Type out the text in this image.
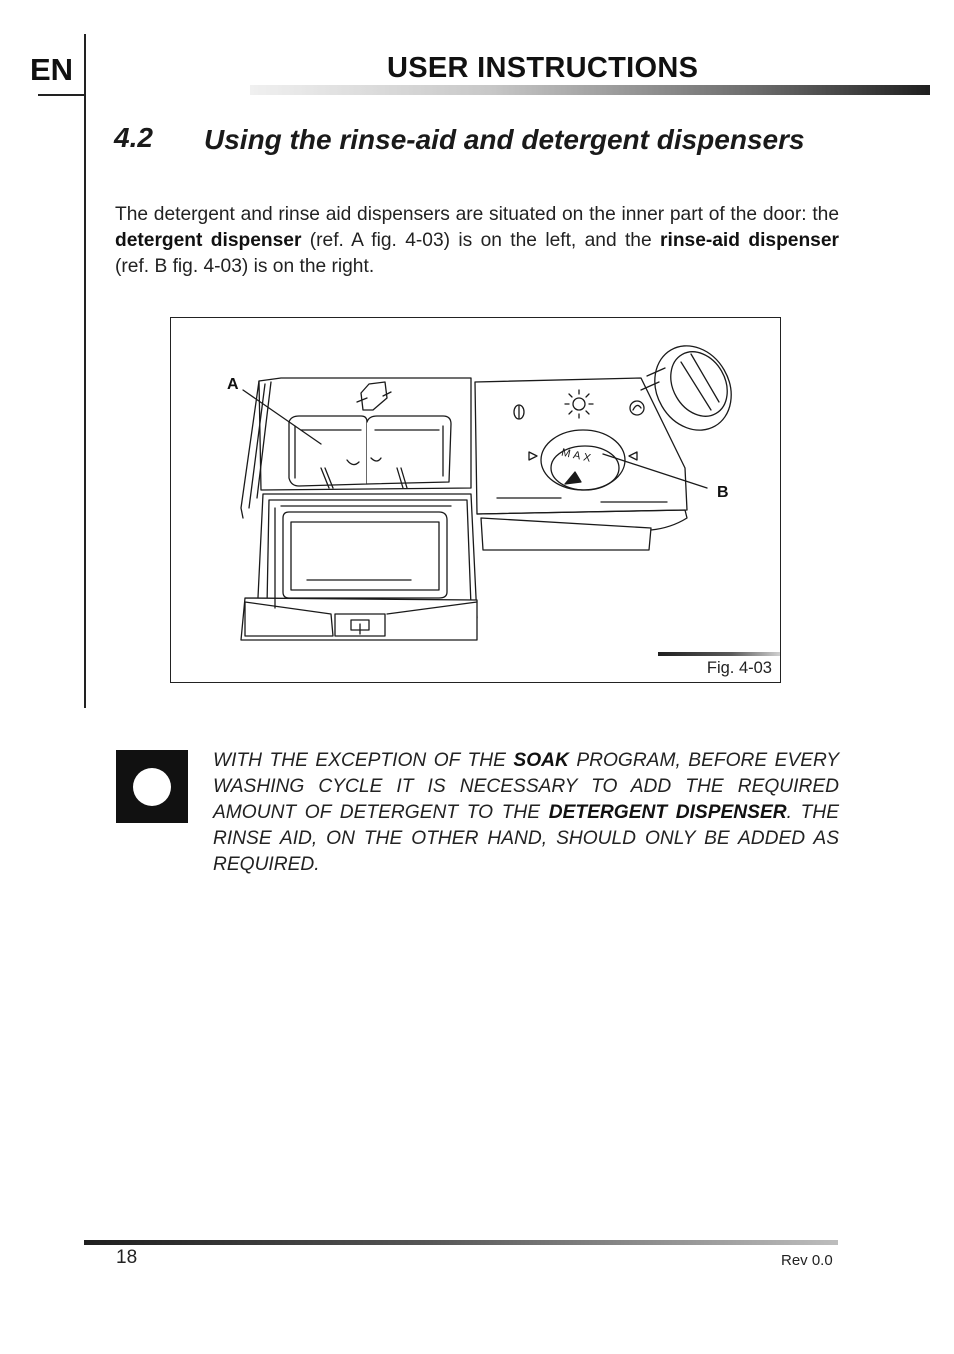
EN	USER INSTRUCTIONS
4.2 Using the rinse-aid and detergent dispensers
The detergent and rinse aid dispensers are situated on the inner part of the door: the detergent dispenser (ref. A fig. 4-03) is on the left, and the rinse-aid dispenser (ref. B fig. 4-03) is on the right.
A
B
MAX
Fig. 4-03
WITH THE EXCEPTION OF THE SOAK PROGRAM, BEFORE EVERY WASHING CYCLE IT IS NECESSARY TO ADD THE REQUIRED AMOUNT OF DETERGENT TO THE DETERGENT DISPENSER. THE RINSE AID, ON THE OTHER HAND, SHOULD ONLY BE ADDED AS REQUIRED.
18	Rev 0.0
